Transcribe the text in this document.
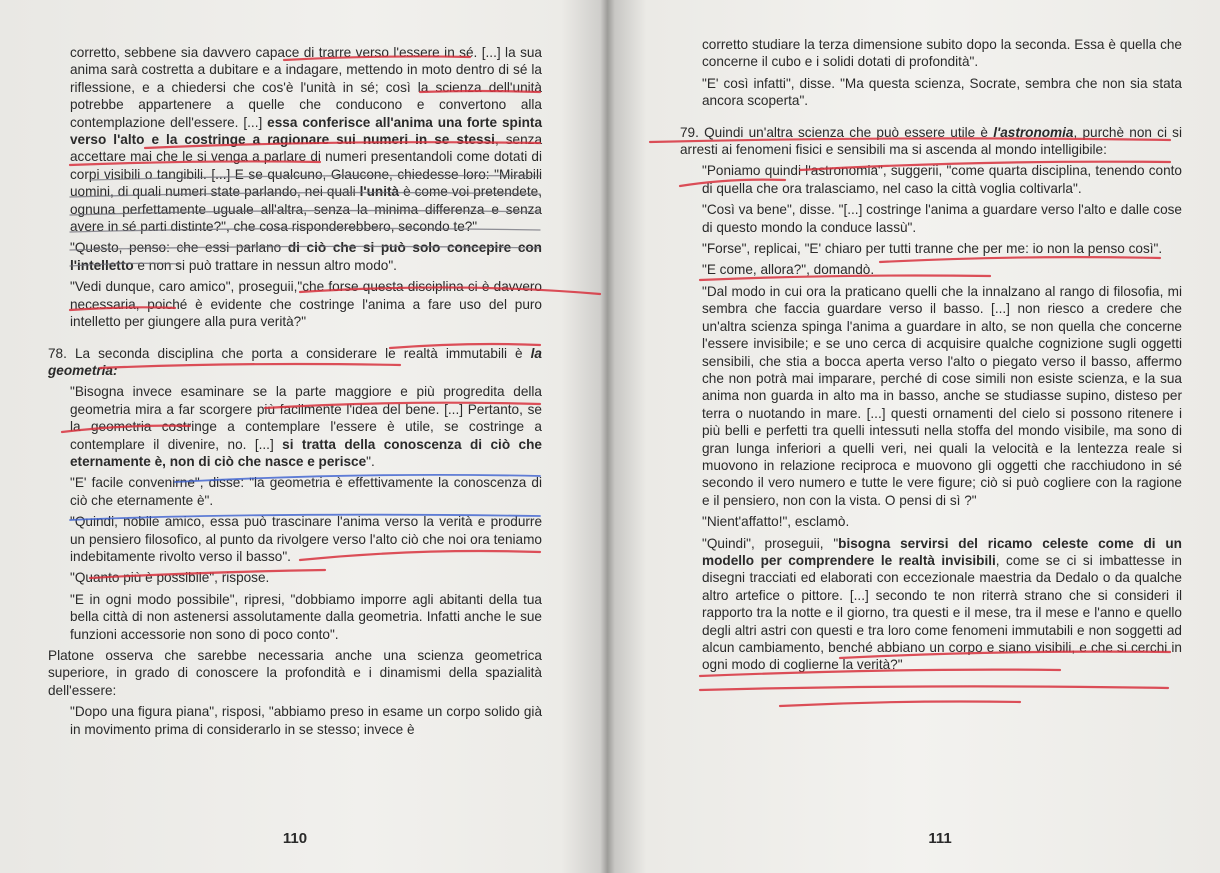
corretto, sebbene sia davvero capace di trarre verso l'essere in sé. [...] la sua anima sarà costretta a dubitare e a indagare, mettendo in moto dentro di sé la riflessione, e a chiedersi che cos'è l'unità in sé; così la scienza dell'unità potrebbe appartenere a quelle che conducono e convertono alla contemplazione dell'essere. [...] essa conferisce all'anima una forte spinta verso l'alto e la costringe a ragionare sui numeri in se stessi, senza accettare mai che le si venga a parlare di numeri presentandoli come dotati di corpi visibili o tangibili. [...] E se qualcuno, Glaucone, chiedesse loro: "Mirabili uomini, di quali numeri state parlando, nei quali l'unità è come voi pretendete, ognuna perfettamente uguale all'altra, senza la minima differenza e senza avere in sé parti distinte?", che cosa risponderebbero, secondo te?"

"Questo, penso: che essi parlano di ciò che si può solo concepire con l'intelletto e non si può trattare in nessun altro modo".

"Vedi dunque, caro amico", proseguii,"che forse questa disciplina ci è davvero necessaria, poiché è evidente che costringe l'anima a fare uso del puro intelletto per giungere alla pura verità?"

78. La seconda disciplina che porta a considerare le realtà immutabili è la geometria:

"Bisogna invece esaminare se la parte maggiore e più progredita della geometria mira a far scorgere più facilmente l'idea del bene. [...] Pertanto, se la geometria costringe a contemplare l'essere è utile, se costringe a contemplare il divenire, no. [...] si tratta della conoscenza di ciò che eternamente è, non di ciò che nasce e perisce".

"E' facile convenirne", disse: "la geometria è effettivamente la conoscenza di ciò che eternamente è".

"Quindi, nobile amico, essa può trascinare l'anima verso la verità e produrre un pensiero filosofico, al punto da rivolgere verso l'alto ciò che noi ora teniamo indebitamente rivolto verso il basso".

"Quanto più è possibile", rispose.

"E in ogni modo possibile", ripresi, "dobbiamo imporre agli abitanti della tua bella città di non astenersi assolutamente dalla geometria. Infatti anche le sue funzioni accessorie non sono di poco conto".

Platone osserva che sarebbe necessaria anche una scienza geometrica superiore, in grado di conoscere la profondità e i dinamismi della spazialità dell'essere:

"Dopo una figura piana", risposi, "abbiamo preso in esame un corpo solido già in movimento prima di considerarlo in se stesso; invece è

110

corretto studiare la terza dimensione subito dopo la seconda. Essa è quella che concerne il cubo e i solidi dotati di profondità".

"E' così infatti", disse. "Ma questa scienza, Socrate, sembra che non sia stata ancora scoperta".

79. Quindi un'altra scienza che può essere utile è l'astronomia, purchè non ci si arresti ai fenomeni fisici e sensibili ma si ascenda al mondo intelligibile:

"Poniamo quindi l'astronomia", suggerii, "come quarta disciplina, tenendo conto di quella che ora tralasciamo, nel caso la città voglia coltivarla".

"Così va bene", disse. "[...] costringe l'anima a guardare verso l'alto e dalle cose di questo mondo la conduce lassù".

"Forse", replicai, "E' chiaro per tutti tranne che per me: io non la penso così".

"E come, allora?", domandò.

"Dal modo in cui ora la praticano quelli che la innalzano al rango di filosofia, mi sembra che faccia guardare verso il basso. [...] non riesco a credere che un'altra scienza spinga l'anima a guardare in alto, se non quella che concerne l'essere invisibile; e se uno cerca di acquisire qualche cognizione sugli oggetti sensibili, che stia a bocca aperta verso l'alto o piegato verso il basso, affermo che non potrà mai imparare, perché di cose simili non esiste scienza, e la sua anima non guarda in alto ma in basso, anche se studiasse supino, disteso per terra o nuotando in mare. [...] questi ornamenti del cielo si possono ritenere i più belli e perfetti tra quelli intessuti nella stoffa del mondo visibile, ma sono di gran lunga inferiori a quelli veri, nei quali la velocità e la lentezza reale si muovono in relazione reciproca e muovono gli oggetti che racchiudono in sé secondo il vero numero e tutte le vere figure; ciò si può cogliere con la ragione e il pensiero, non con la vista. O pensi di sì ?"

"Nient'affatto!", esclamò.

"Quindi", proseguii, "bisogna servirsi del ricamo celeste come di un modello per comprendere le realtà invisibili, come se ci si imbattesse in disegni tracciati ed elaborati con eccezionale maestria da Dedalo o da qualche altro artefice o pittore. [...] secondo te non riterrà strano che si consideri il rapporto tra la notte e il giorno, tra questi e il mese, tra il mese e l'anno e quello degli altri astri con questi e tra loro come fenomeni immutabili e non soggetti ad alcun cambiamento, benché abbiano un corpo e siano visibili, e che si cerchi in ogni modo di coglierne la verità?"

111
